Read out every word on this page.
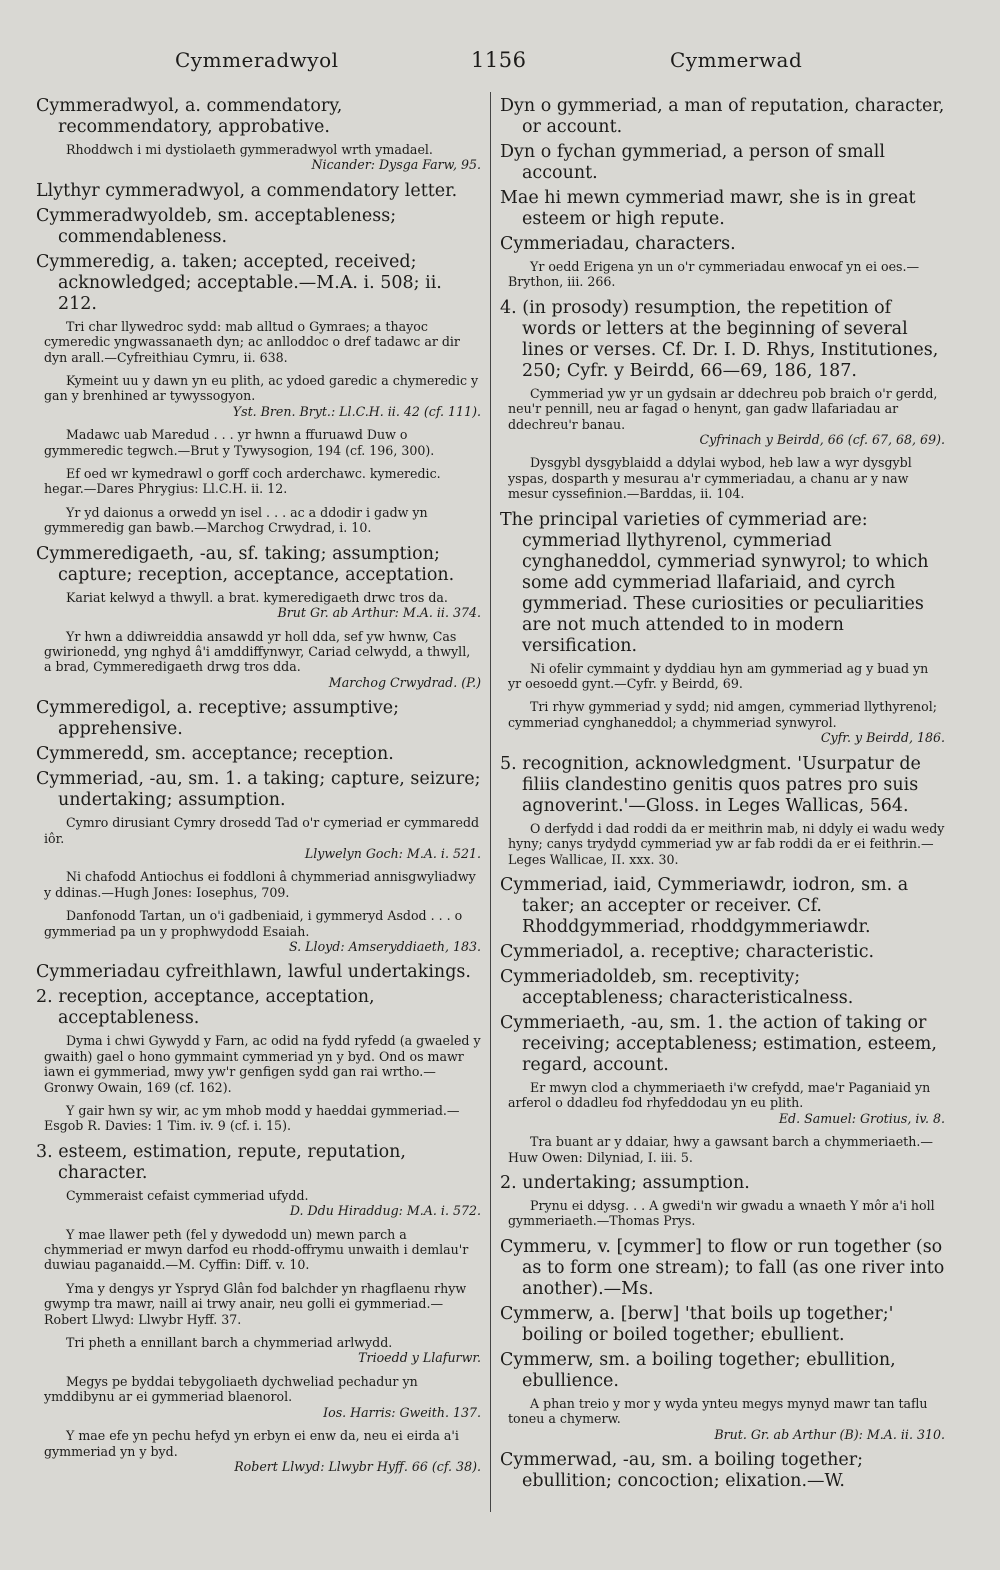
Cymmeradwyol	1156	Cymmerwad

Cymmeradwyol, a. commendatory, recommendatory, approbative.

Rhoddwch i mi dystiolaeth gymmeradwyol wrth ymadael.
Nicander: Dysga Farw, 95.

Llythyr cymmeradwyol, a commendatory letter.

Cymmeradwyoldeb, sm. acceptableness; commendableness.

Cymmeredig, a. taken; accepted, received; acknowledged; acceptable.—M.A. i. 508; ii. 212.

Tri char llywedroc sydd: mab alltud o Gymraes; a thayoc cymeredic yngwassanaeth dyn; ac anlloddoc o dref tadawc ar dir dyn arall.—Cyfreithiau Cymru, ii. 638.

Kymeint uu y dawn yn eu plith, ac ydoed garedic a chymeredic y gan y brenhined ar tywyssogyon.
Yst. Bren. Bryt.: Ll.C.H. ii. 42 (cf. 111).

Madawc uab Maredud . . . yr hwnn a ffuruawd Duw o gymmeredic tegwch.—Brut y Tywysogion, 194 (cf. 196, 300).

Ef oed wr kymedrawl o gorff coch arderchawc. kymeredic. hegar.—Dares Phrygius: Ll.C.H. ii. 12.

Yr yd daionus a orwedd yn isel . . . ac a ddodir i gadw yn gymmeredig gan bawb.—Marchog Crwydrad, i. 10.

Cymmeredigaeth, -au, sf. taking; assumption; capture; reception, acceptance, acceptation.

Kariat kelwyd a thwyll. a brat. kymeredigaeth drwc tros da.
Brut Gr. ab Arthur: M.A. ii. 374.

Yr hwn a ddiwreiddia ansawdd yr holl dda, sef yw hwnw, Cas gwirionedd, yng nghyd â'i amddiffynwyr, Cariad celwydd, a thwyll, a brad, Cymmeredigaeth drwg tros dda.
Marchog Crwydrad. (P.)

Cymmeredigol, a. receptive; assumptive; apprehensive.

Cymmeredd, sm. acceptance; reception.

Cymmeriad, -au, sm. 1. a taking; capture, seizure; undertaking; assumption.

Cymro dirusiant Cymry drosedd Tad o'r cymeriad er cymmaredd iôr.
Llywelyn Goch: M.A. i. 521.

Ni chafodd Antiochus ei foddloni â chymmeriad annisgwyliadwy y ddinas.—Hugh Jones: Iosephus, 709.

Danfonodd Tartan, un o'i gadbeniaid, i gymmeryd Asdod . . . o gymmeriad pa un y prophwydodd Esaiah.
S. Lloyd: Amseryddiaeth, 183.

Cymmeriadau cyfreithlawn, lawful undertakings.

2. reception, acceptance, acceptation, acceptableness.

Dyma i chwi Gywydd y Farn, ac odid na fydd ryfedd (a gwaeled y gwaith) gael o hono gymmaint cymmeriad yn y byd. Ond os mawr iawn ei gymmeriad, mwy yw'r genfigen sydd gan rai wrtho.—Gronwy Owain, 169 (cf. 162).

Y gair hwn sy wir, ac ym mhob modd y haeddai gymmeriad.—Esgob R. Davies: 1 Tim. iv. 9 (cf. i. 15).

3. esteem, estimation, repute, reputation, character.

Cymmeraist cefaist cymmeriad ufydd.
D. Ddu Hiraddug: M.A. i. 572.

Y mae llawer peth (fel y dywedodd un) mewn parch a chymmeriad er mwyn darfod eu rhodd-offrymu unwaith i demlau'r duwiau paganaidd.—M. Cyffin: Diff. v. 10.

Yma y dengys yr Yspryd Glân fod balchder yn rhagflaenu rhyw gwymp tra mawr, naill ai trwy anair, neu golli ei gymmeriad.—Robert Llwyd: Llwybr Hyff. 37.

Tri pheth a ennillant barch a chymmeriad arlwydd.
Trioedd y Llafurwr.

Megys pe byddai tebygoliaeth dychweliad pechadur yn ymddibynu ar ei gymmeriad blaenorol.
Ios. Harris: Gweith. 137.

Y mae efe yn pechu hefyd yn erbyn ei enw da, neu ei eirda a'i gymmeriad yn y byd.
Robert Llwyd: Llwybr Hyff. 66 (cf. 38).

Dyn o gymmeriad, a man of reputation, character, or account.

Dyn o fychan gymmeriad, a person of small account.

Mae hi mewn cymmeriad mawr, she is in great esteem or high repute.

Cymmeriadau, characters.

Yr oedd Erigena yn un o'r cymmeriadau enwocaf yn ei oes.—Brython, iii. 266.

4. (in prosody) resumption, the repetition of words or letters at the beginning of several lines or verses. Cf. Dr. I. D. Rhys, Institutiones, 250; Cyfr. y Beirdd, 66—69, 186, 187.

Cymmeriad yw yr un gydsain ar ddechreu pob braich o'r gerdd, neu'r pennill, neu ar fagad o henynt, gan gadw llafariadau ar ddechreu'r banau.
Cyfrinach y Beirdd, 66 (cf. 67, 68, 69).

Dysgybl dysgyblaidd a ddylai wybod, heb law a wyr dysgybl yspas, dosparth y mesurau a'r cymmeriadau, a chanu ar y naw mesur cyssefinion.—Barddas, ii. 104.

The principal varieties of cymmeriad are: cymmeriad llythyrenol, cymmeriad cynghaneddol, cymmeriad synwyrol; to which some add cymmeriad llafariaid, and cyrch gymmeriad. These curiosities or peculiarities are not much attended to in modern versification.

Ni ofelir cymmaint y dyddiau hyn am gymmeriad ag y buad yn yr oesoedd gynt.—Cyfr. y Beirdd, 69.

Tri rhyw gymmeriad y sydd; nid amgen, cymmeriad llythyrenol; cymmeriad cynghaneddol; a chymmeriad synwyrol.
Cyfr. y Beirdd, 186.

5. recognition, acknowledgment. 'Usurpatur de filiis clandestino genitis quos patres pro suis agnoverint.'—Gloss. in Leges Wallicas, 564.

O derfydd i dad roddi da er meithrin mab, ni ddyly ei wadu wedy hyny; canys trydydd cymmeriad yw ar fab roddi da er ei feithrin.—Leges Wallicae, II. xxx. 30.

Cymmeriad, iaid, Cymmeriawdr, iodron, sm. a taker; an accepter or receiver. Cf. Rhoddgymmeriad, rhoddgymmeriawdr.

Cymmeriadol, a. receptive; characteristic.

Cymmeriadoldeb, sm. receptivity; acceptableness; characteristicalness.

Cymmeriaeth, -au, sm. 1. the action of taking or receiving; acceptableness; estimation, esteem, regard, account.

Er mwyn clod a chymmeriaeth i'w crefydd, mae'r Paganiaid yn arferol o ddadleu fod rhyfeddodau yn eu plith.
Ed. Samuel: Grotius, iv. 8.

Tra buant ar y ddaiar, hwy a gawsant barch a chymmeriaeth.—Huw Owen: Dilyniad, I. iii. 5.

2. undertaking; assumption.

Prynu ei ddysg. . . A gwedi'n wir gwadu a wnaeth Y môr a'i holl gymmeriaeth.—Thomas Prys.

Cymmeru, v. [cymmer] to flow or run together (so as to form one stream); to fall (as one river into another).—Ms.

Cymmerw, a. [berw] 'that boils up together;' boiling or boiled together; ebullient.

Cymmerw, sm. a boiling together; ebullition, ebullience.

A phan treio y mor y wyda ynteu megys mynyd mawr tan taflu toneu a chymerw.
Brut. Gr. ab Arthur (B): M.A. ii. 310.

Cymmerwad, -au, sm. a boiling together; ebullition; concoction; elixation.—W.
